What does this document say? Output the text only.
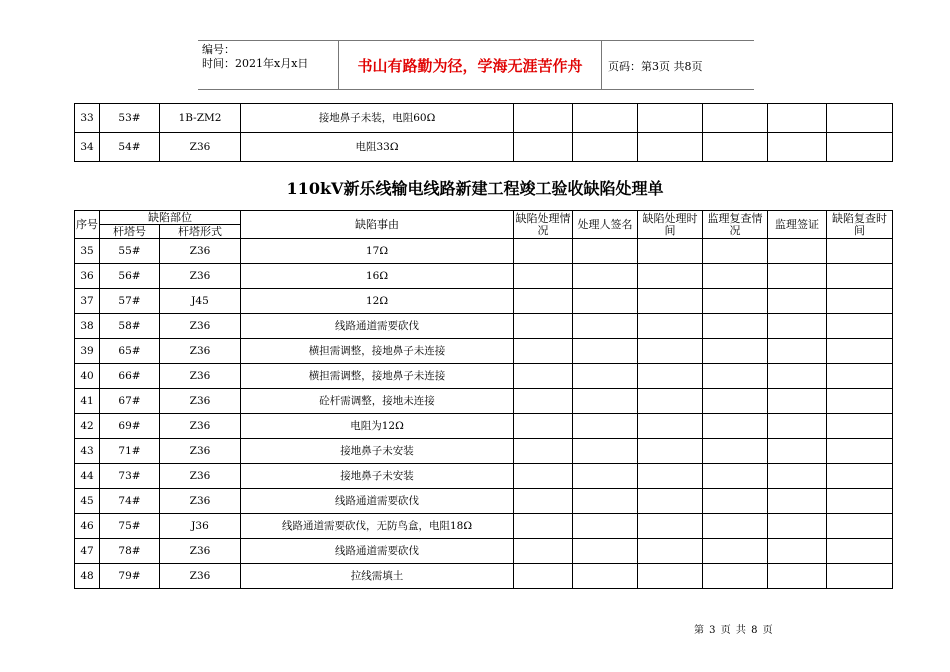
编号：
时间：2021年x月x日	书山有路勤为径，学海无涯苦作舟	页码：第3页 共8页
33	53#	1B-ZM2	接地鼻子未装，电阻60Ω						
34	54#	Z36	电阻33Ω						
110kV新乐线输电线路新建工程竣工验收缺陷处理单
序号	缺陷部位		缺陷事由	缺陷处理情况	处理人签名	缺陷处理时间	监理复查情况	监理签证	缺陷复查时间
	杆塔号	杆塔形式							
35	55#	Z36	17Ω						
36	56#	Z36	16Ω						
37	57#	J45	12Ω						
38	58#	Z36	线路通道需要砍伐						
39	65#	Z36	横担需调整，接地鼻子未连接						
40	66#	Z36	横担需调整，接地鼻子未连接						
41	67#	Z36	砼杆需调整，接地未连接						
42	69#	Z36	电阻为12Ω						
43	71#	Z36	接地鼻子未安装						
44	73#	Z36	接地鼻子未安装						
45	74#	Z36	线路通道需要砍伐						
46	75#	J36	线路通道需要砍伐，无防鸟盒，电阻18Ω						
47	78#	Z36	线路通道需要砍伐						
48	79#	Z36	拉线需填土						
第 3 页 共 8 页
